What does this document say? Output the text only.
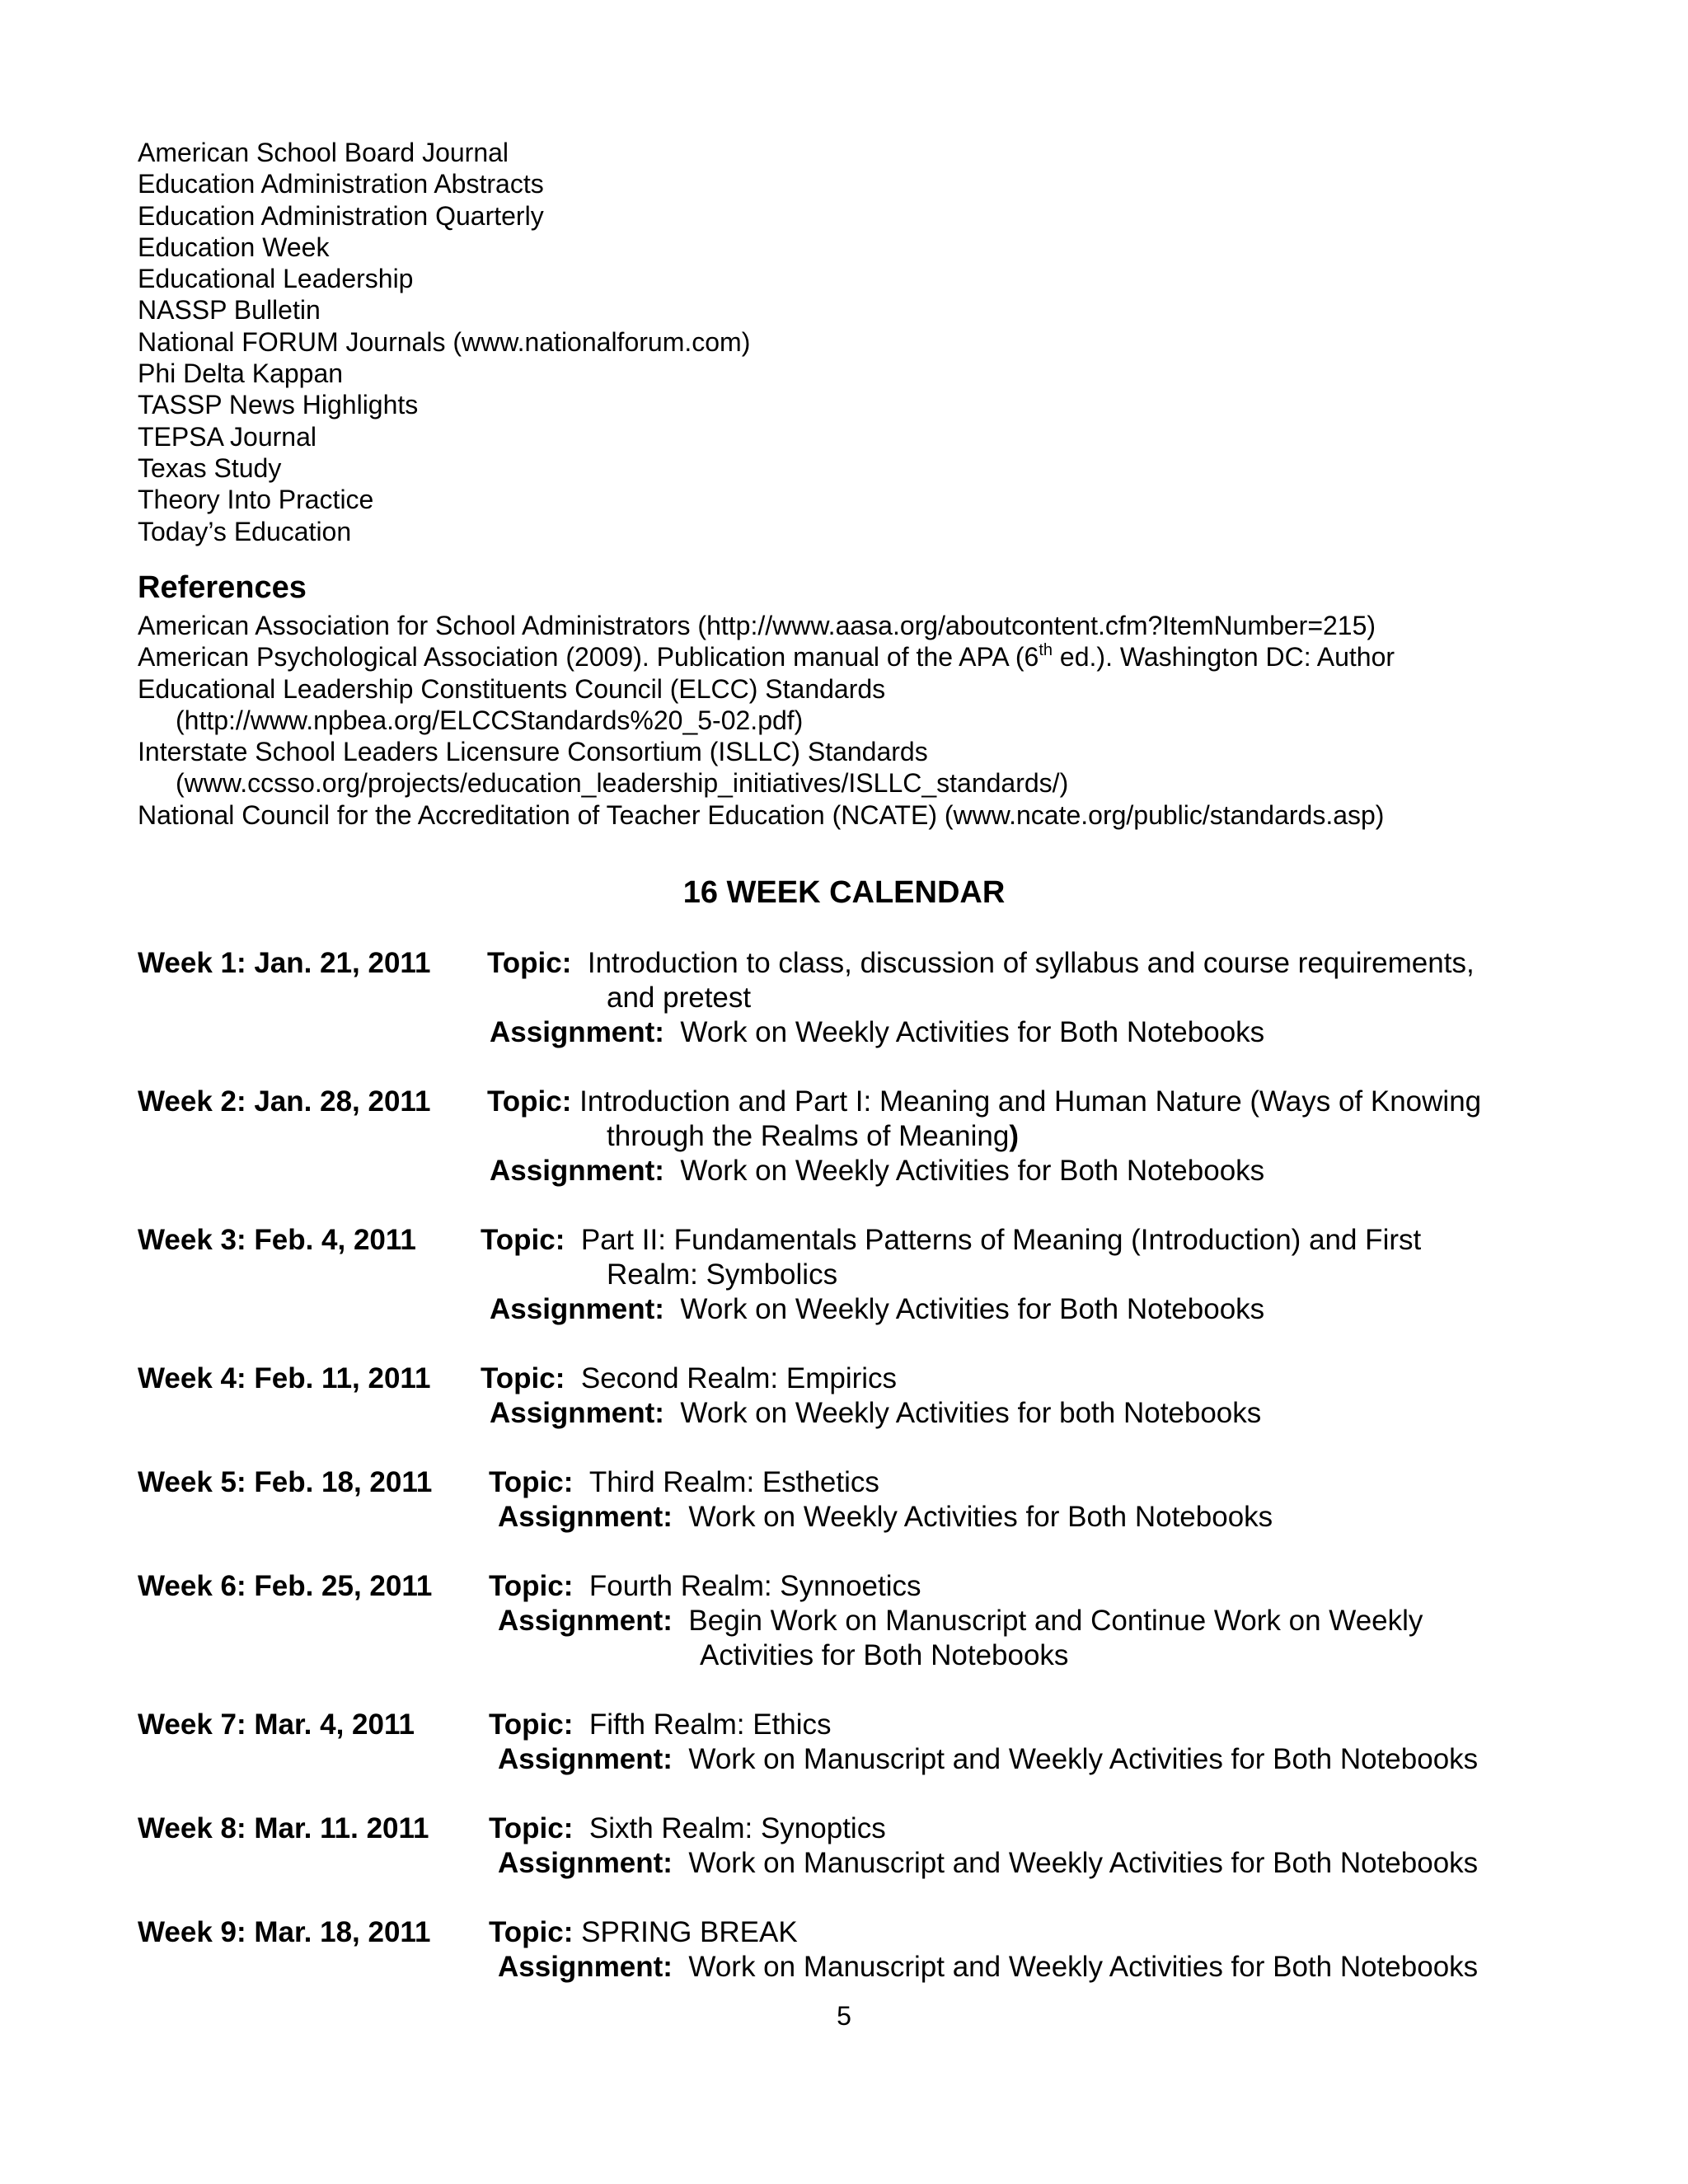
American School Board Journal
Education Administration Abstracts
Education Administration Quarterly
Education Week
Educational Leadership
NASSP Bulletin
National FORUM Journals (www.nationalforum.com)
Phi Delta Kappan
TASSP News Highlights
TEPSA Journal
Texas Study
Theory Into Practice
Today’s Education
References
American Association for School Administrators (http://www.aasa.org/aboutcontent.cfm?ItemNumber=215)
American Psychological Association (2009). Publication manual of the APA (6th ed.). Washington DC: Author
Educational Leadership Constituents Council (ELCC) Standards
(http://www.npbea.org/ELCCStandards%20_5-02.pdf)
Interstate School Leaders Licensure Consortium (ISLLC) Standards
(www.ccsso.org/projects/education_leadership_initiatives/ISLLC_standards/)
National Council for the Accreditation of Teacher Education (NCATE) (www.ncate.org/public/standards.asp)
16 WEEK CALENDAR
Week 1: Jan. 21, 2011 Topic: Introduction to class, discussion of syllabus and course requirements,
and pretest
Assignment: Work on Weekly Activities for Both Notebooks
Week 2: Jan. 28, 2011 Topic: Introduction and Part I: Meaning and Human Nature (Ways of Knowing
through the Realms of Meaning)
Assignment: Work on Weekly Activities for Both Notebooks
Week 3: Feb. 4, 2011 Topic: Part II: Fundamentals Patterns of Meaning (Introduction) and First
Realm: Symbolics
Assignment: Work on Weekly Activities for Both Notebooks
Week 4: Feb. 11, 2011 Topic: Second Realm: Empirics
Assignment: Work on Weekly Activities for both Notebooks
Week 5: Feb. 18, 2011 Topic: Third Realm: Esthetics
Assignment: Work on Weekly Activities for Both Notebooks
Week 6: Feb. 25, 2011 Topic: Fourth Realm: Synnoetics
Assignment: Begin Work on Manuscript and Continue Work on Weekly
Activities for Both Notebooks
Week 7: Mar. 4, 2011	Topic: Fifth Realm: Ethics
Assignment: Work on Manuscript and Weekly Activities for Both Notebooks
Week 8: Mar. 11. 2011 Topic: Sixth Realm: Synoptics
Assignment: Work on Manuscript and Weekly Activities for Both Notebooks
Week 9: Mar. 18, 2011 Topic: SPRING BREAK
Assignment: Work on Manuscript and Weekly Activities for Both Notebooks
5
